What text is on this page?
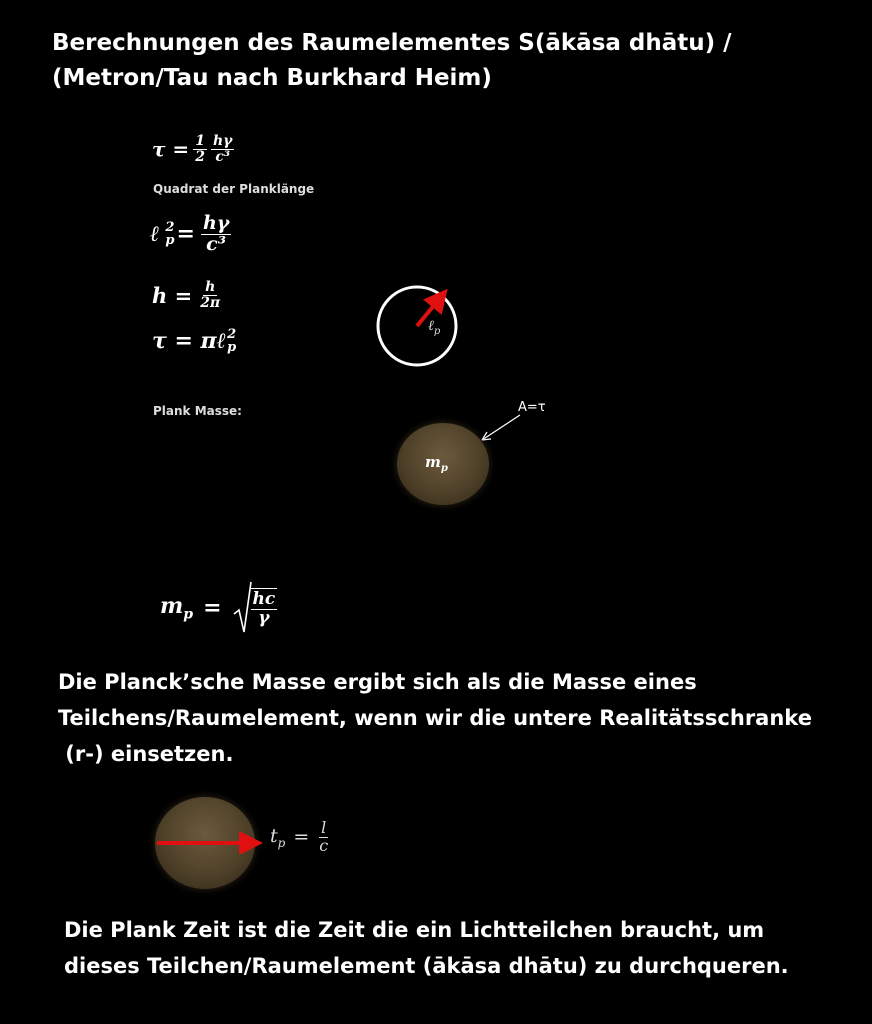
Berechnungen des Raumelementes S(ākāsa dhātu) /
(Metron/Tau nach Burkhard Heim)
$\tau = \frac{1}{2} \frac{h\gamma}{\text{c³}}$
Quadrat der Planklänge
ℓ 2
$p = \frac{h\gamma}{\text{c³}}$
$h = \frac{h}{2\pi}$
τ = πℓ 2
p
ℓ$_p$
Plank Masse:	A=τ
$m_p$
$m_p = \frac{hc}{\gamma}$
Die Planck’sche Masse ergibt sich als die Masse eines
Teilchens/Raumelement, wenn wir die untere Realitätsschranke
(r-) einsetzen.
$t_p = \frac{l}{c}$
Die Plank Zeit ist die Zeit die ein Lichtteilchen braucht, um
dieses Teilchen/Raumelement (ākāsa dhātu) zu durchqueren.
